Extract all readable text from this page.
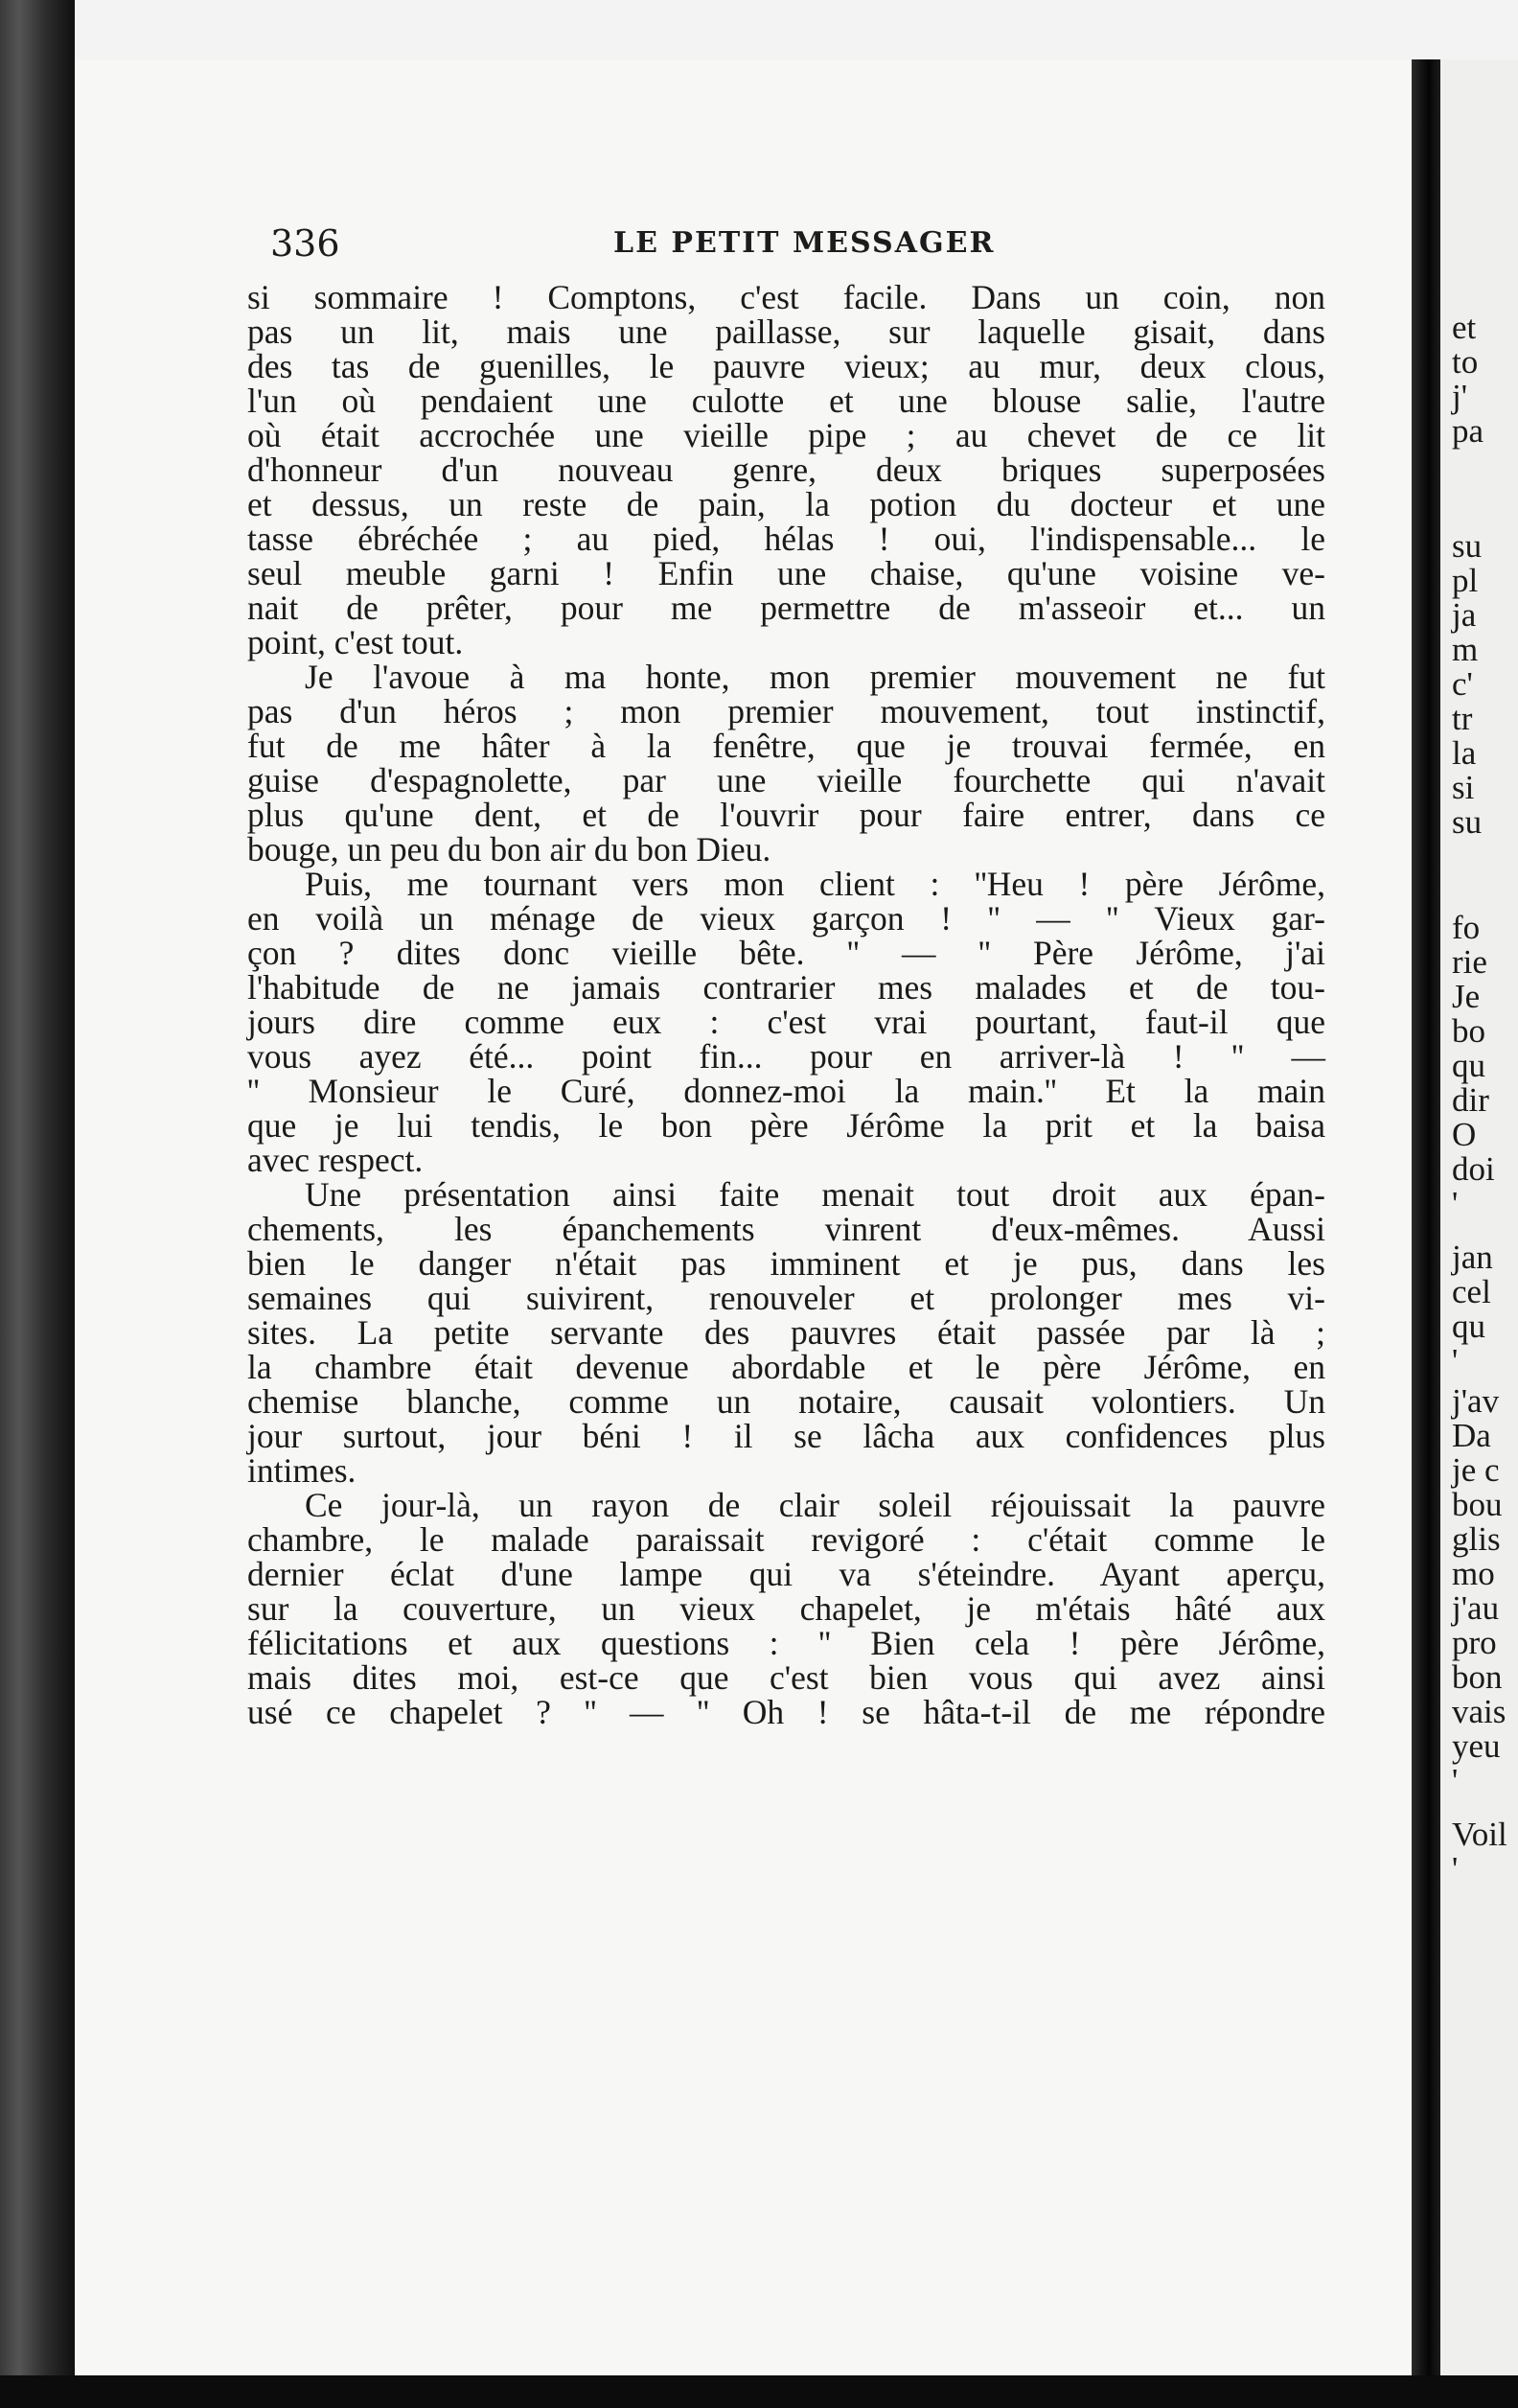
336	LE PETIT MESSAGER

si sommaire ! Comptons, c'est facile. Dans un coin, non

pas un lit, mais une paillasse, sur laquelle gisait, dans

des tas de guenilles, le pauvre vieux; au mur, deux clous,

l'un où pendaient une culotte et une blouse salie, l'autre

où était accrochée une vieille pipe ; au chevet de ce lit

d'honneur d'un nouveau genre, deux briques superposées

et dessus, un reste de pain, la potion du docteur et une

tasse ébréchée ; au pied, hélas ! oui, l'indispensable... le

seul meuble garni ! Enfin une chaise, qu'une voisine ve-

nait de prêter, pour me permettre de m'asseoir et... un

point, c'est tout.

Je l'avoue à ma honte, mon premier mouvement ne fut

pas d'un héros ; mon premier mouvement, tout instinctif,

fut de me hâter à la fenêtre, que je trouvai fermée, en

guise d'espagnolette, par une vieille fourchette qui n'avait

plus qu'une dent, et de l'ouvrir pour faire entrer, dans ce

bouge, un peu du bon air du bon Dieu.

Puis, me tournant vers mon client : ''Heu ! père Jérôme,

en voilà un ménage de vieux garçon ! '' — '' Vieux gar-

çon ? dites donc vieille bête. '' — '' Père Jérôme, j'ai

l'habitude de ne jamais contrarier mes malades et de tou-

jours dire comme eux : c'est vrai pourtant, faut-il que

vous ayez été... point fin... pour en arriver-là ! '' —

'' Monsieur le Curé, donnez-moi la main.'' Et la main

que je lui tendis, le bon père Jérôme la prit et la baisa

avec respect.

Une présentation ainsi faite menait tout droit aux épan-

chements, les épanchements vinrent d'eux-mêmes. Aussi

bien le danger n'était pas imminent et je pus, dans les

semaines qui suivirent, renouveler et prolonger mes vi-

sites. La petite servante des pauvres était passée par là ;

la chambre était devenue abordable et le père Jérôme, en

chemise blanche, comme un notaire, causait volontiers. Un

jour surtout, jour béni ! il se lâcha aux confidences plus

intimes.

Ce jour-là, un rayon de clair soleil réjouissait la pauvre

chambre, le malade paraissait revigoré : c'était comme le

dernier éclat d'une lampe qui va s'éteindre. Ayant aperçu,

sur la couverture, un vieux chapelet, je m'étais hâté aux

félicitations et aux questions : '' Bien cela ! père Jérôme,

mais dites moi, est-ce que c'est bien vous qui avez ainsi

usé ce chapelet ? '' — '' Oh ! se hâta-t-il de me répondre

et
to
j'
pa
su
pl
ja
m
c'
tr
la
si
su
fo
rie
Je
bo
qu
dir
O
doi
'
jan
cel
qu
'
j'av
Da
je c
bou
glis
mo
j'au
pro
bon
vais
yeu
'
Voil
'
